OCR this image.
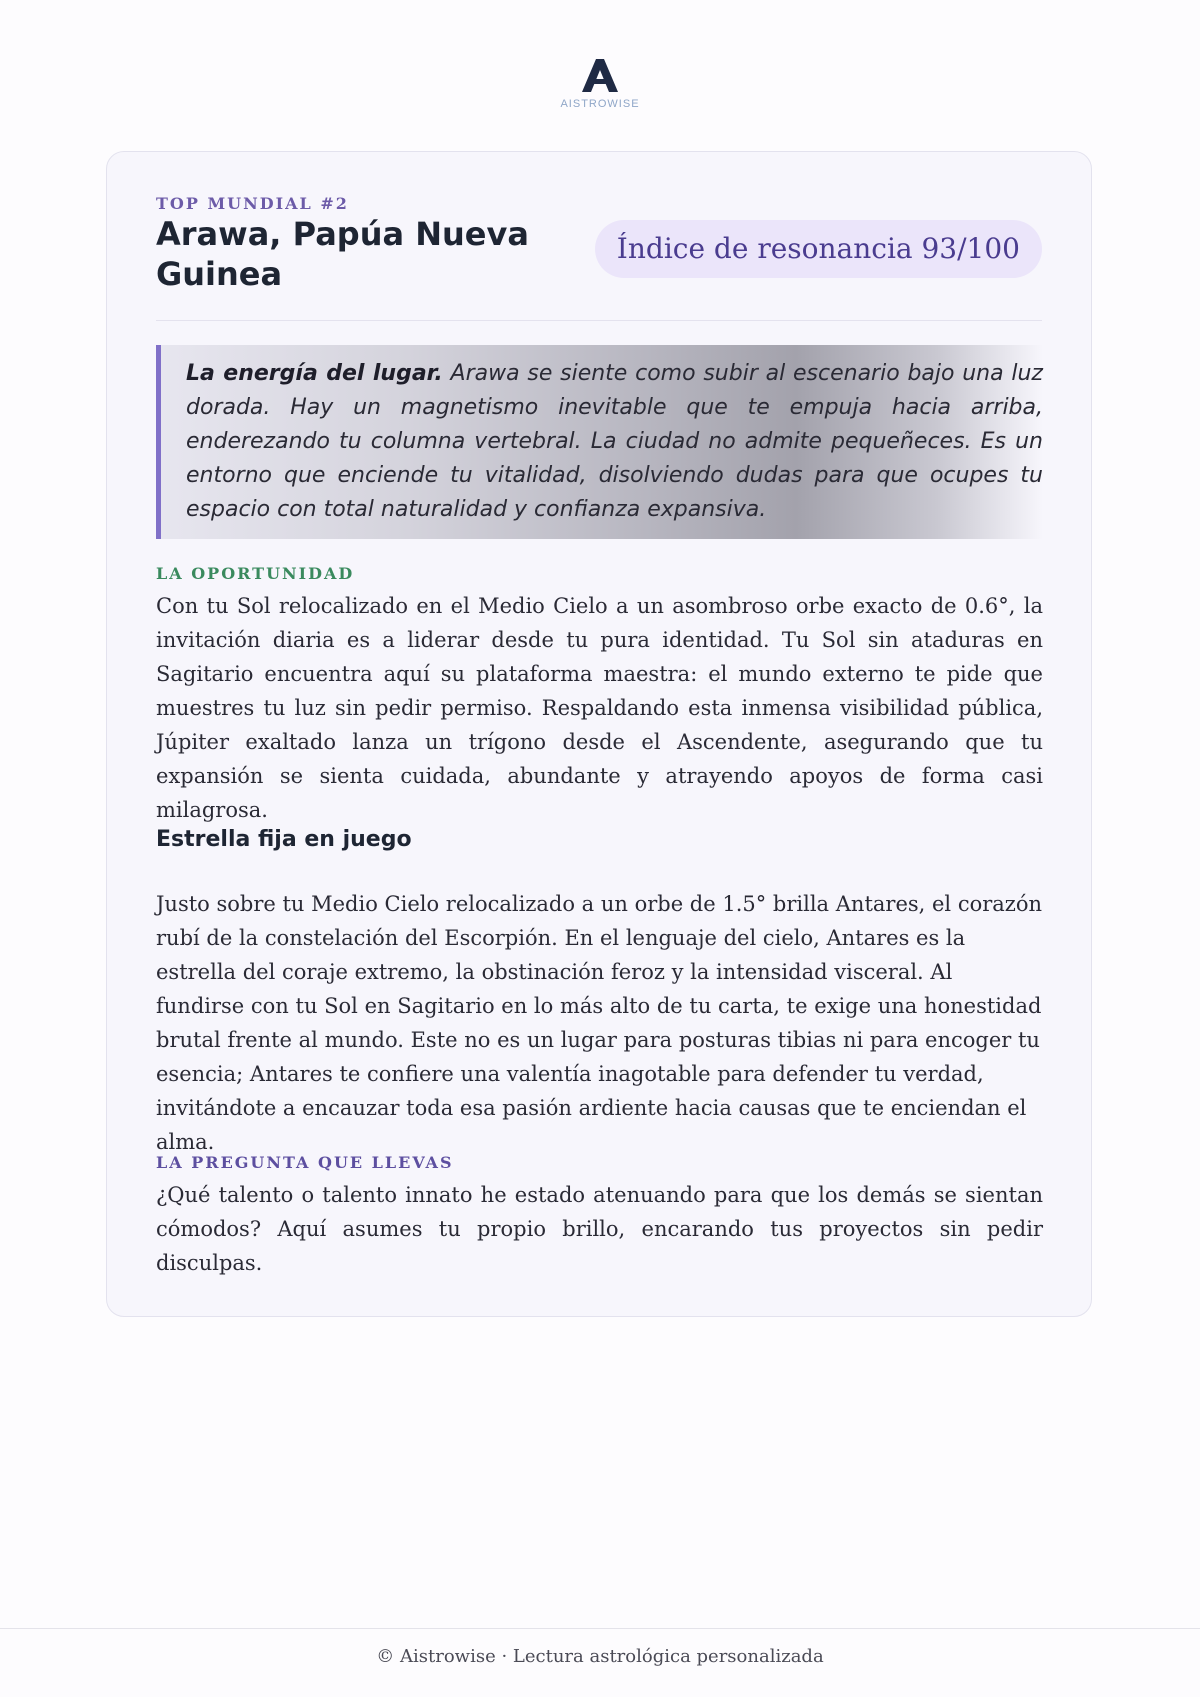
AISTROWISE
TOP MUNDIAL #2
Arawa, Papúa Nueva Guinea
Índice de resonancia 93/100
La energía del lugar. Arawa se siente como subir al escenario bajo una luz dorada. Hay un magnetismo inevitable que te empuja hacia arriba, enderezando tu columna vertebral. La ciudad no admite pequeñeces. Es un entorno que enciende tu vitalidad, disolviendo dudas para que ocupes tu espacio con total naturalidad y confianza expansiva.
LA OPORTUNIDAD

Con tu Sol relocalizado en el Medio Cielo a un asombroso orbe exacto de 0.6°, la invitación diaria es a liderar desde tu pura identidad. Tu Sol sin ataduras en Sagitario encuentra aquí su plataforma maestra: el mundo externo te pide que muestres tu luz sin pedir permiso. Respaldando esta inmensa visibilidad pública, Júpiter exaltado lanza un trígono desde el Ascendente, asegurando que tu expansión se sienta cuidada, abundante y atrayendo apoyos de forma casi milagrosa.

Estrella fija en juego

Justo sobre tu Medio Cielo relocalizado a un orbe de 1.5° brilla Antares, el corazón rubí de la constelación del Escorpión. En el lenguaje del cielo, Antares es la estrella del coraje extremo, la obstinación feroz y la intensidad visceral. Al fundirse con tu Sol en Sagitario en lo más alto de tu carta, te exige una honestidad brutal frente al mundo. Este no es un lugar para posturas tibias ni para encoger tu esencia; Antares te confiere una valentía inagotable para defender tu verdad, invitándote a encauzar toda esa pasión ardiente hacia causas que te enciendan el alma.

LA PREGUNTA QUE LLEVAS

¿Qué talento o talento innato he estado atenuando para que los demás se sientan cómodos? Aquí asumes tu propio brillo, encarando tus proyectos sin pedir disculpas.

© Aistrowise · Lectura astrológica personalizada
